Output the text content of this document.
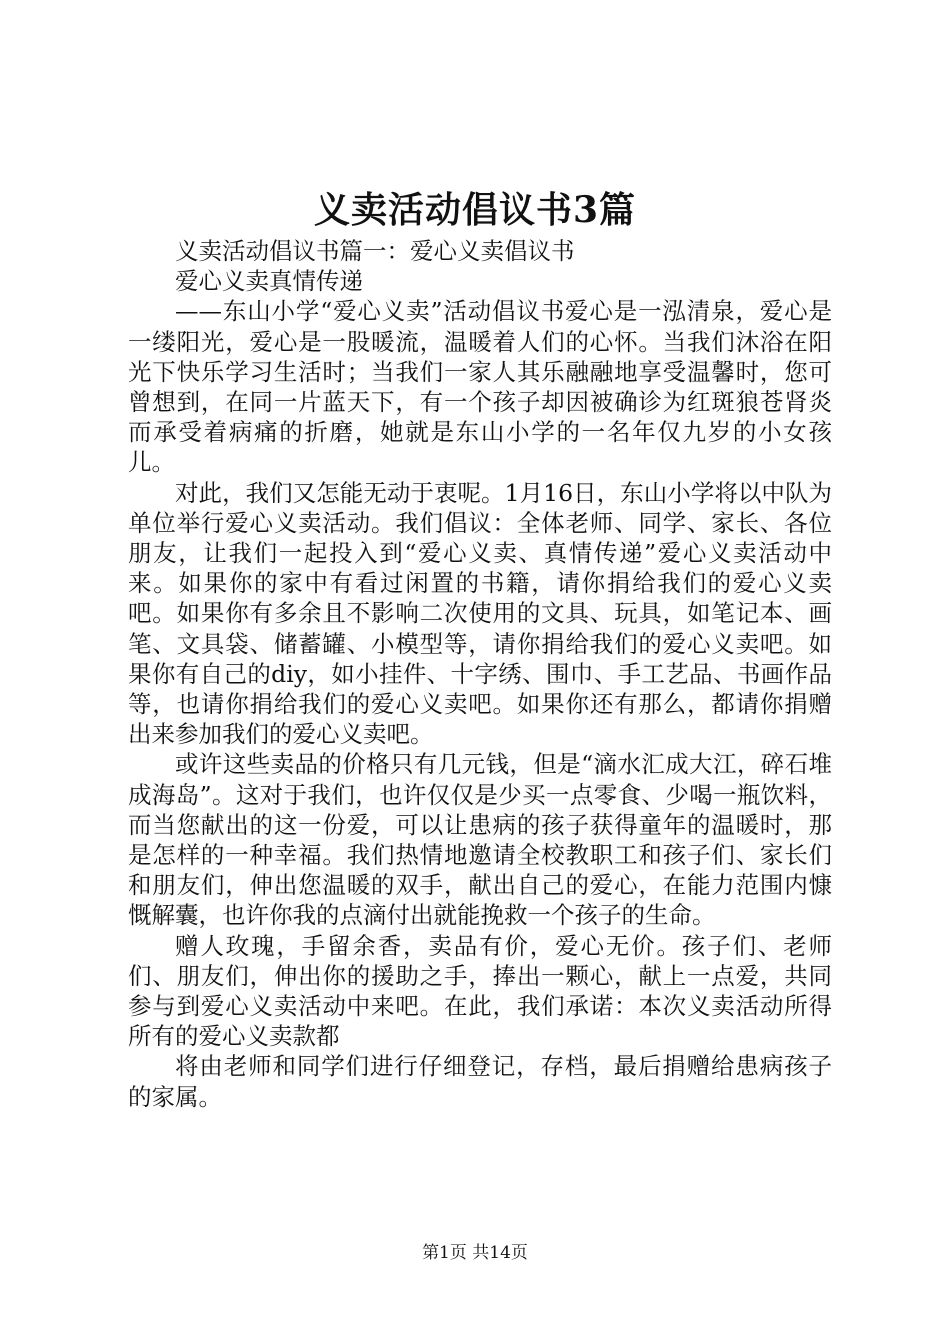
义卖活动倡议书3篇

义卖活动倡议书篇一：爱心义卖倡议书

爱心义卖真情传递

——东山小学“爱心义卖”活动倡议书爱心是一泓清泉，爱心是一缕阳光，爱心是一股暖流，温暖着人们的心怀。当我们沐浴在阳光下快乐学习生活时；当我们一家人其乐融融地享受温馨时，您可曾想到，在同一片蓝天下，有一个孩子却因被确诊为红斑狼苍肾炎而承受着病痛的折磨，她就是东山小学的一名年仅九岁的小女孩儿。

对此，我们又怎能无动于衷呢。1月16日，东山小学将以中队为单位举行爱心义卖活动。我们倡议：全体老师、同学、家长、各位朋友，让我们一起投入到“爱心义卖、真情传递”爱心义卖活动中来。如果你的家中有看过闲置的书籍，请你捐给我们的爱心义卖吧。如果你有多余且不影响二次使用的文具、玩具，如笔记本、画笔、文具袋、储蓄罐、小模型等，请你捐给我们的爱心义卖吧。如果你有自己的diy，如小挂件、十字绣、围巾、手工艺品、书画作品等，也请你捐给我们的爱心义卖吧。如果你还有那么，都请你捐赠出来参加我们的爱心义卖吧。

或许这些卖品的价格只有几元钱，但是“滴水汇成大江，碎石堆成海岛”。这对于我们，也许仅仅是少买一点零食、少喝一瓶饮料，而当您献出的这一份爱，可以让患病的孩子获得童年的温暖时，那是怎样的一种幸福。我们热情地邀请全校教职工和孩子们、家长们和朋友们，伸出您温暖的双手，献出自己的爱心，在能力范围内慷慨解囊，也许你我的点滴付出就能挽救一个孩子的生命。

赠人玫瑰，手留余香，卖品有价，爱心无价。孩子们、老师们、朋友们，伸出你的援助之手，捧出一颗心，献上一点爱，共同参与到爱心义卖活动中来吧。在此，我们承诺：本次义卖活动所得所有的爱心义卖款都

将由老师和同学们进行仔细登记，存档，最后捐赠给患病孩子的家属。

第1页 共14页
